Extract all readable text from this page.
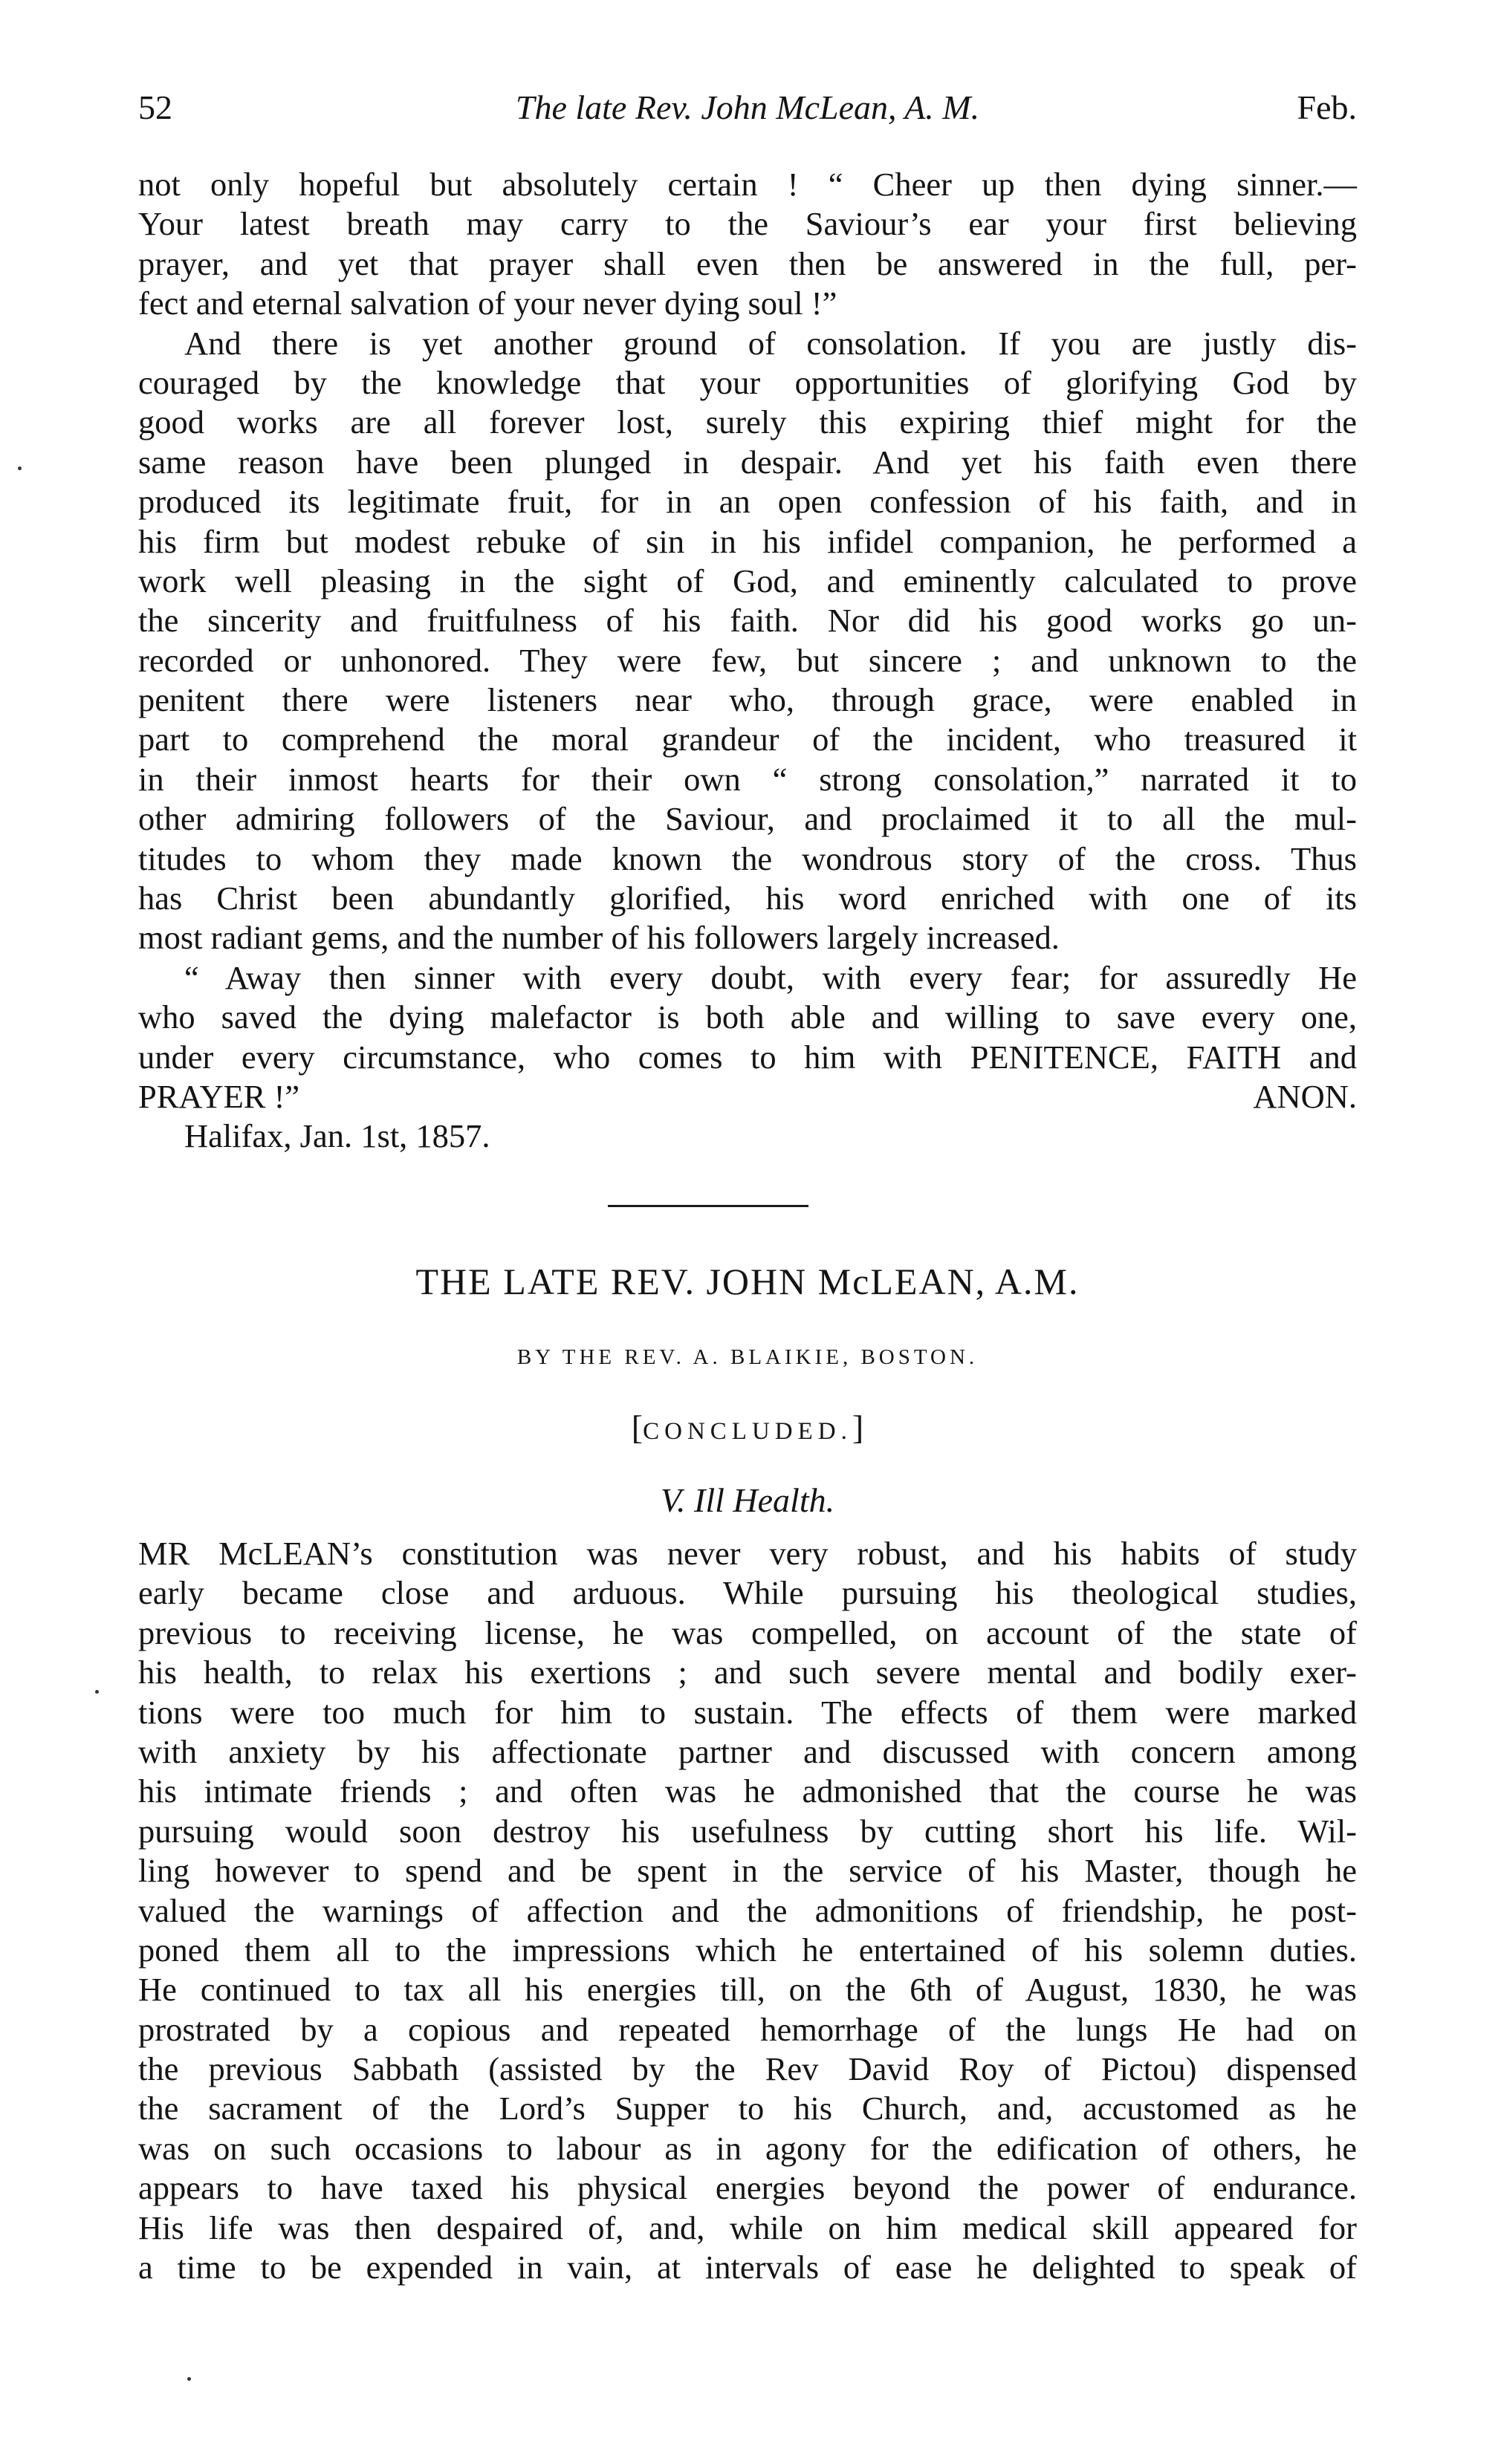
52	The late Rev. John McLean, A. M.	Feb.
not only hopeful but absolutely certain ! “ Cheer up then dying sinner.—
Your latest breath may carry to the Saviour’s ear your first believing
prayer, and yet that prayer shall even then be answered in the full, per-
fect and eternal salvation of your never dying soul !”
And there is yet another ground of consolation. If you are justly dis-
couraged by the knowledge that your opportunities of glorifying God by
good works are all forever lost, surely this expiring thief might for the
same reason have been plunged in despair. And yet his faith even there
produced its legitimate fruit, for in an open confession of his faith, and in
his firm but modest rebuke of sin in his infidel companion, he performed a
work well pleasing in the sight of God, and eminently calculated to prove
the sincerity and fruitfulness of his faith. Nor did his good works go un-
recorded or unhonored. They were few, but sincere ; and unknown to the
penitent there were listeners near who, through grace, were enabled in
part to comprehend the moral grandeur of the incident, who treasured it
in their inmost hearts for their own “ strong consolation,” narrated it to
other admiring followers of the Saviour, and proclaimed it to all the mul-
titudes to whom they made known the wondrous story of the cross. Thus
has Christ been abundantly glorified, his word enriched with one of its
most radiant gems, and the number of his followers largely increased.
“ Away then sinner with every doubt, with every fear; for assuredly He
who saved the dying malefactor is both able and willing to save every one,
under every circumstance, who comes to him with PENITENCE, FAITH and
PRAYER !”	ANON.
Halifax, Jan. 1st, 1857.
THE LATE REV. JOHN McLEAN, A.M.
BY THE REV. A. BLAIKIE, BOSTON.
[CONCLUDED.]
V. Ill Health.
MR McLEAN’s constitution was never very robust, and his habits of study
early became close and arduous. While pursuing his theological studies,
previous to receiving license, he was compelled, on account of the state of
his health, to relax his exertions ; and such severe mental and bodily exer-
tions were too much for him to sustain. The effects of them were marked
with anxiety by his affectionate partner and discussed with concern among
his intimate friends ; and often was he admonished that the course he was
pursuing would soon destroy his usefulness by cutting short his life. Wil-
ling however to spend and be spent in the service of his Master, though he
valued the warnings of affection and the admonitions of friendship, he post-
poned them all to the impressions which he entertained of his solemn duties.
He continued to tax all his energies till, on the 6th of August, 1830, he was
prostrated by a copious and repeated hemorrhage of the lungs He had on
the previous Sabbath (assisted by the Rev David Roy of Pictou) dispensed
the sacrament of the Lord’s Supper to his Church, and, accustomed as he
was on such occasions to labour as in agony for the edification of others, he
appears to have taxed his physical energies beyond the power of endurance.
His life was then despaired of, and, while on him medical skill appeared for
a time to be expended in vain, at intervals of ease he delighted to speak of
